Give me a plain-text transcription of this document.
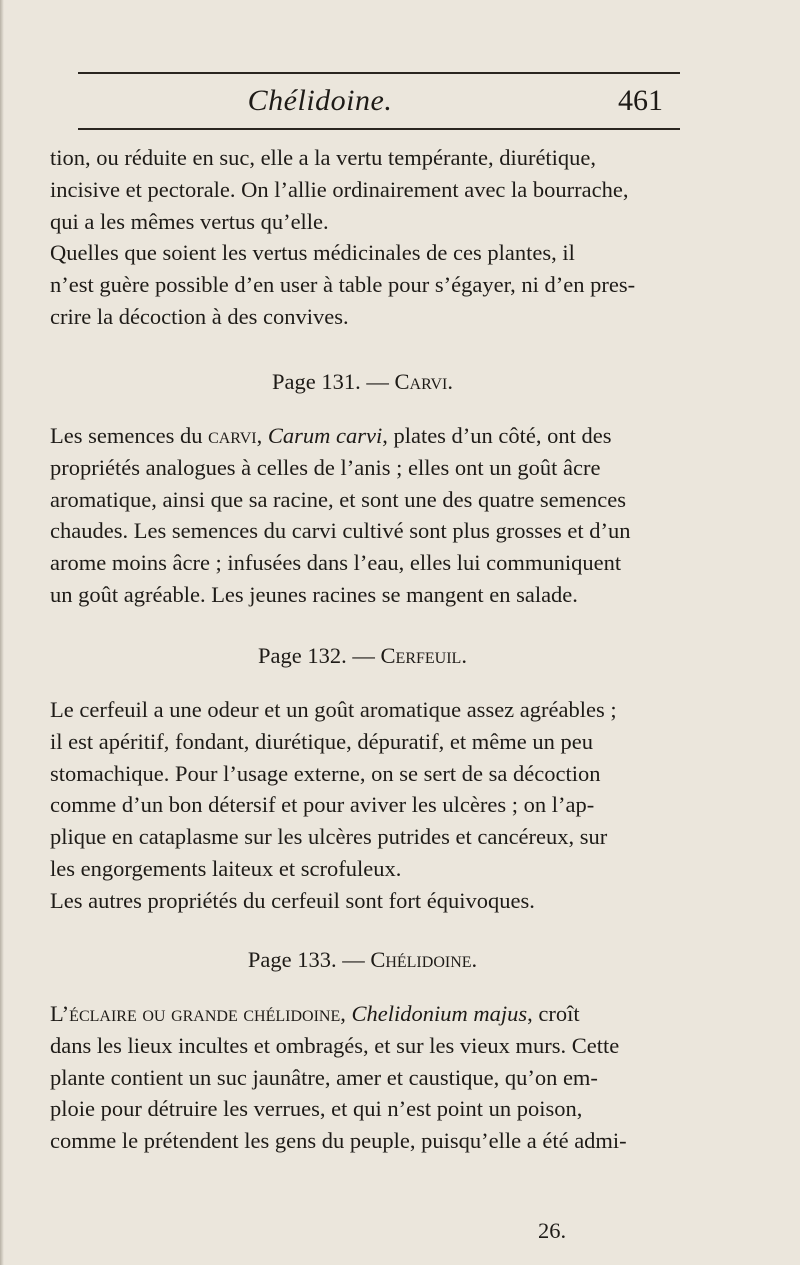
Chélidoine.	461
tion, ou réduite en suc, elle a la vertu tempérante, diurétique,
incisive et pectorale. On l’allie ordinairement avec la bourrache,
qui a les mêmes vertus qu’elle.
Quelles que soient les vertus médicinales de ces plantes, il
n’est guère possible d’en user à table pour s’égayer, ni d’en pres-
crire la décoction à des convives.
Page 131. — Carvi.
Les semences du carvi, Carum carvi, plates d’un côté, ont des
propriétés analogues à celles de l’anis ; elles ont un goût âcre
aromatique, ainsi que sa racine, et sont une des quatre semences
chaudes. Les semences du carvi cultivé sont plus grosses et d’un
arome moins âcre ; infusées dans l’eau, elles lui communiquent
un goût agréable. Les jeunes racines se mangent en salade.
Page 132. — Cerfeuil.
Le cerfeuil a une odeur et un goût aromatique assez agréables ;
il est apéritif, fondant, diurétique, dépuratif, et même un peu
stomachique. Pour l’usage externe, on se sert de sa décoction
comme d’un bon détersif et pour aviver les ulcères ; on l’ap-
plique en cataplasme sur les ulcères putrides et cancéreux, sur
les engorgements laiteux et scrofuleux.
Les autres propriétés du cerfeuil sont fort équivoques.
Page 133. — Chélidoine.
L’éclaire ou grande chélidoine, Chelidonium majus, croît
dans les lieux incultes et ombragés, et sur les vieux murs. Cette
plante contient un suc jaunâtre, amer et caustique, qu’on em-
ploie pour détruire les verrues, et qui n’est point un poison,
comme le prétendent les gens du peuple, puisqu’elle a été admi-
26.
